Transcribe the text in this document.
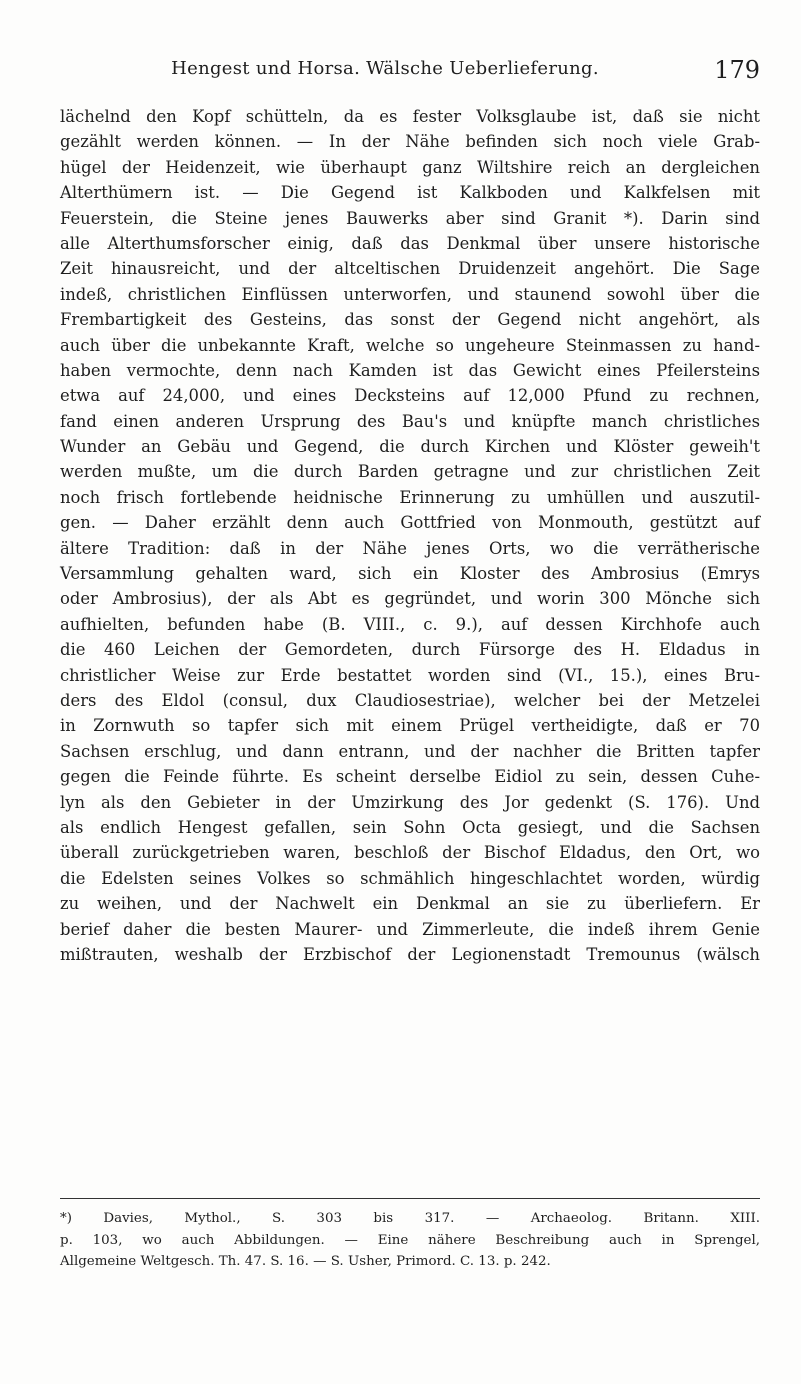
Hengest und Horsa. Wälsche Ueberlieferung.	179
lächelnd den Kopf schütteln, da es fester Volksglaube ist, daß sie nicht
gezählt werden können. — In der Nähe befinden sich noch viele Grab-
hügel der Heidenzeit, wie überhaupt ganz Wiltshire reich an dergleichen
Alterthümern ist. — Die Gegend ist Kalkboden und Kalkfelsen mit
Feuerstein, die Steine jenes Bauwerks aber sind Granit *). Darin sind
alle Alterthumsforscher einig, daß das Denkmal über unsere historische
Zeit hinausreicht, und der altceltischen Druidenzeit angehört. Die Sage
indeß, christlichen Einflüssen unterworfen, und staunend sowohl über die
Frembartigkeit des Gesteins, das sonst der Gegend nicht angehört, als
auch über die unbekannte Kraft, welche so ungeheure Steinmassen zu hand-
haben vermochte, denn nach Kamden ist das Gewicht eines Pfeilersteins
etwa auf 24,000, und eines Decksteins auf 12,000 Pfund zu rechnen,
fand einen anderen Ursprung des Bau's und knüpfte manch christliches
Wunder an Gebäu und Gegend, die durch Kirchen und Klöster geweih't
werden mußte, um die durch Barden getragne und zur christlichen Zeit
noch frisch fortlebende heidnische Erinnerung zu umhüllen und auszutil-
gen. — Daher erzählt denn auch Gottfried von Monmouth, gestützt auf
ältere Tradition: daß in der Nähe jenes Orts, wo die verrätherische
Versammlung gehalten ward, sich ein Kloster des Ambrosius (Emrys
oder Ambrosius), der als Abt es gegründet, und worin 300 Mönche sich
aufhielten, befunden habe (B. VIII., c. 9.), auf dessen Kirchhofe auch
die 460 Leichen der Gemordeten, durch Fürsorge des H. Eldadus in
christlicher Weise zur Erde bestattet worden sind (VI., 15.), eines Bru-
ders des Eldol (consul, dux Claudiosestriae), welcher bei der Metzelei
in Zornwuth so tapfer sich mit einem Prügel vertheidigte, daß er 70
Sachsen erschlug, und dann entrann, und der nachher die Britten tapfer
gegen die Feinde führte. Es scheint derselbe Eidiol zu sein, dessen Cuhe-
lyn als den Gebieter in der Umzirkung des Jor gedenkt (S. 176). Und
als endlich Hengest gefallen, sein Sohn Octa gesiegt, und die Sachsen
überall zurückgetrieben waren, beschloß der Bischof Eldadus, den Ort, wo
die Edelsten seines Volkes so schmählich hingeschlachtet worden, würdig
zu weihen, und der Nachwelt ein Denkmal an sie zu überliefern. Er
berief daher die besten Maurer- und Zimmerleute, die indeß ihrem Genie
mißtrauten, weshalb der Erzbischof der Legionenstadt Tremounus (wälsch
*) Davies, Mythol., S. 303 bis 317. — Archaeolog. Britann. XIII.
p. 103, wo auch Abbildungen. — Eine nähere Beschreibung auch in Sprengel,
Allgemeine Weltgesch. Th. 47. S. 16. — S. Usher, Primord. C. 13. p. 242.
